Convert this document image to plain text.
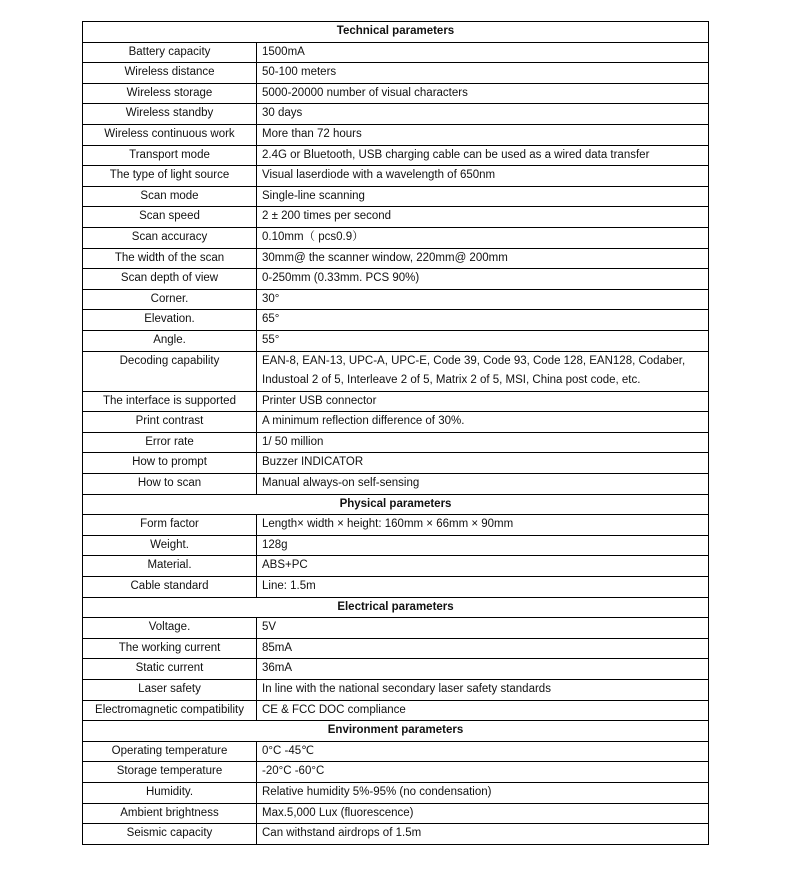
Technical parameters	
Battery capacity	1500mA
Wireless distance	50-100 meters
Wireless storage	5000-20000 number of visual characters
Wireless standby	30 days
Wireless continuous work	More than 72 hours
Transport mode	2.4G or Bluetooth, USB charging cable can be used as a wired data transfer
The type of light source	Visual laserdiode with a wavelength of 650nm
Scan mode	Single-line scanning
Scan speed	2 ± 200 times per second
Scan accuracy	0.10mm（ pcs0.9）
The width of the scan	30mm@ the scanner window, 220mm@ 200mm
Scan depth of view	0-250mm (0.33mm. PCS 90%)
Corner.	30°
Elevation.	65°
Angle.	55°
Decoding capability	EAN-8, EAN-13, UPC-A, UPC-E, Code 39, Code 93, Code 128, EAN128, Codaber, Industoal 2 of 5, Interleave 2 of 5, Matrix 2 of 5, MSI, China post code, etc.
The interface is supported	Printer USB connector
Print contrast	A minimum reflection difference of 30%.
Error rate	1/ 50 million
How to prompt	Buzzer INDICATOR
How to scan	Manual always-on self-sensing
Physical parameters	
Form factor	Length× width × height: 160mm × 66mm × 90mm
Weight.	128g
Material.	ABS+PC
Cable standard	Line: 1.5m
Electrical parameters	
Voltage.	5V
The working current	85mA
Static current	36mA
Laser safety	In line with the national secondary laser safety standards
Electromagnetic compatibility	CE & FCC DOC compliance
Environment parameters	
Operating temperature	0°C -45℃
Storage temperature	-20°C -60°C
Humidity.	Relative humidity 5%-95% (no condensation)
Ambient brightness	Max.5,000 Lux (fluorescence)
Seismic capacity	Can withstand airdrops of 1.5m
